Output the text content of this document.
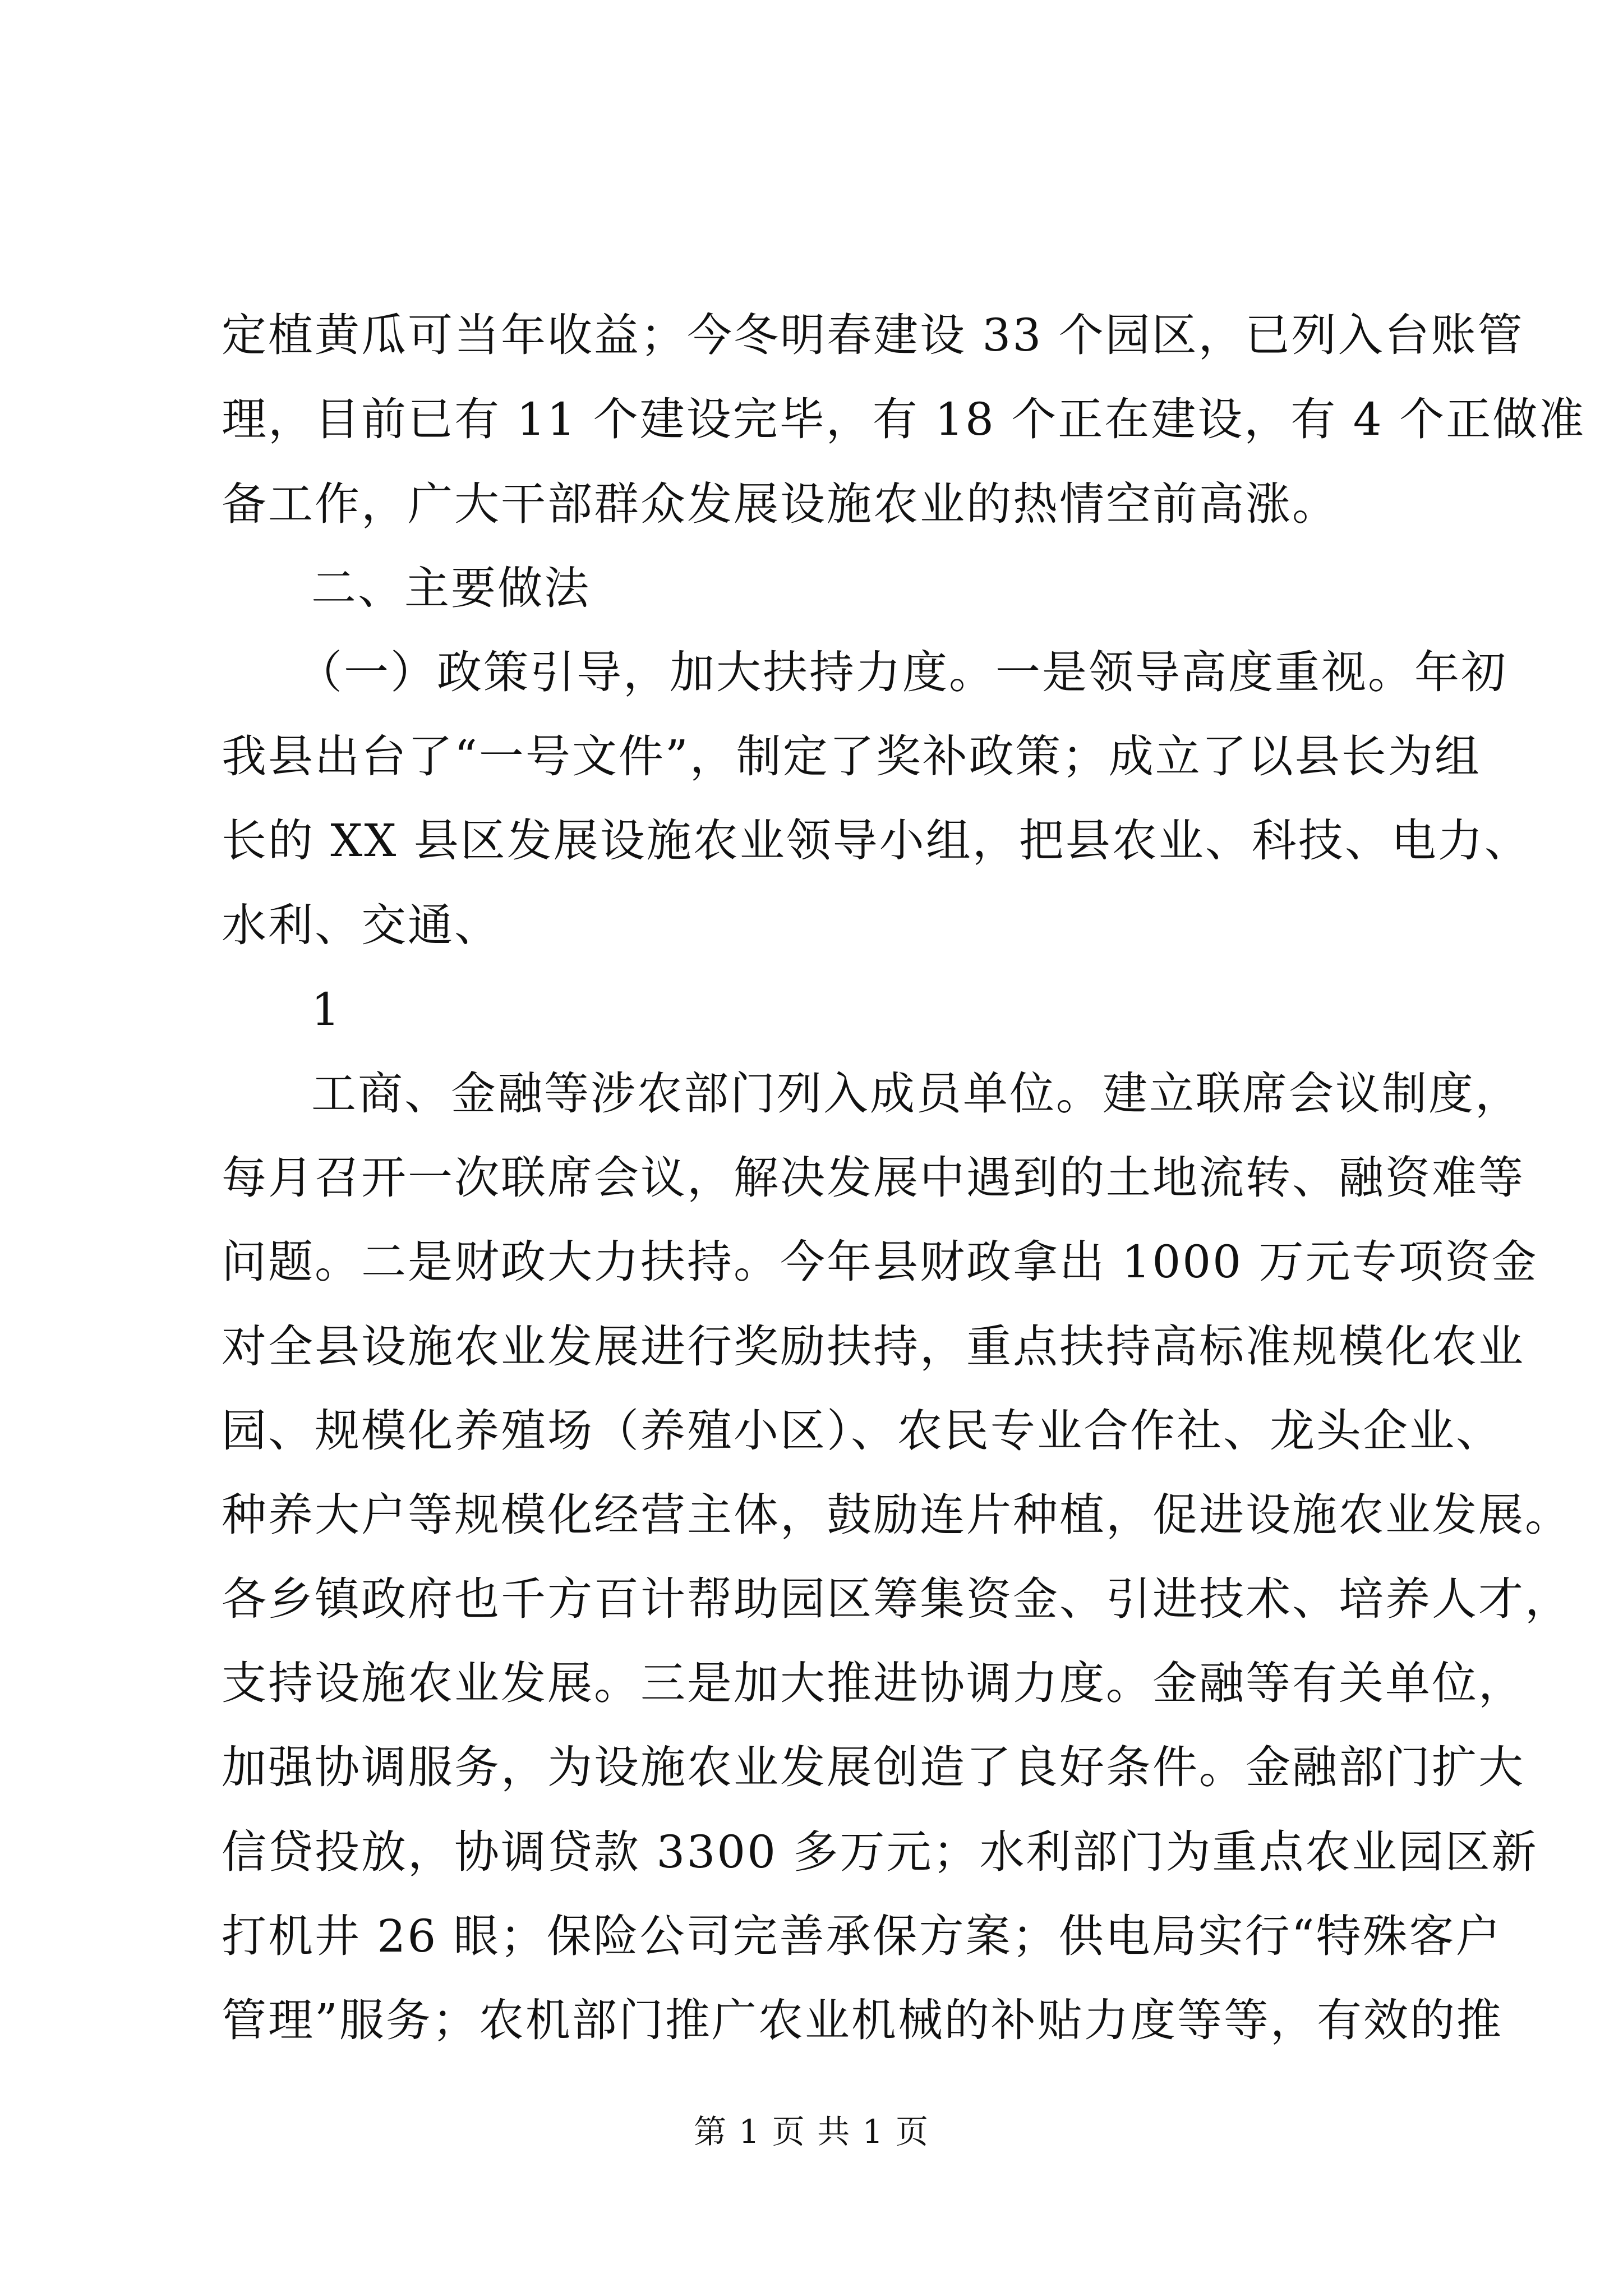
定植黄瓜可当年收益；今冬明春建设 33 个园区，已列入台账管
理，目前已有 11 个建设完毕，有 18 个正在建设，有 4 个正做准
备工作，广大干部群众发展设施农业的热情空前高涨。
二、主要做法
（一）政策引导，加大扶持力度。一是领导高度重视。年初
我县出台了“一号文件”，制定了奖补政策；成立了以县长为组
长的 XX 县区发展设施农业领导小组，把县农业、科技、电力、
水利、交通、
1
工商、金融等涉农部门列入成员单位。建立联席会议制度，
每月召开一次联席会议，解决发展中遇到的土地流转、融资难等
问题。二是财政大力扶持。今年县财政拿出 1000 万元专项资金
对全县设施农业发展进行奖励扶持，重点扶持高标准规模化农业
园、规模化养殖场（养殖小区）、农民专业合作社、龙头企业、
种养大户等规模化经营主体，鼓励连片种植，促进设施农业发展。
各乡镇政府也千方百计帮助园区筹集资金、引进技术、培养人才，
支持设施农业发展。三是加大推进协调力度。金融等有关单位，
加强协调服务，为设施农业发展创造了良好条件。金融部门扩大
信贷投放，协调贷款 3300 多万元；水利部门为重点农业园区新
打机井 26 眼；保险公司完善承保方案；供电局实行“特殊客户
管理”服务；农机部门推广农业机械的补贴力度等等，有效的推
第 1 页 共 1 页
